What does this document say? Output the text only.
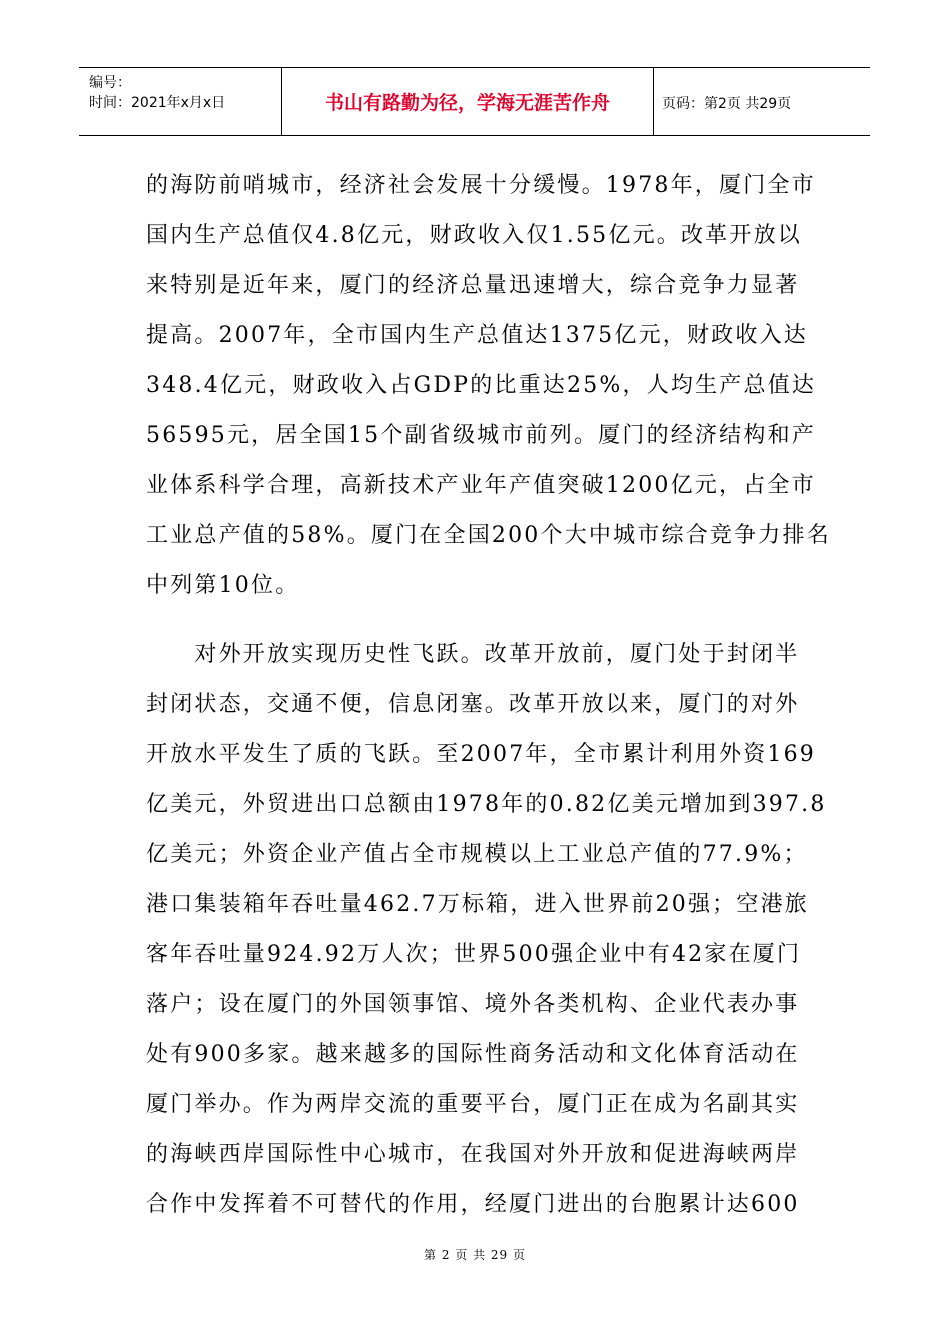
编号：
时间：2021年x月x日	书山有路勤为径，学海无涯苦作舟	页码：第2页 共29页
的海防前哨城市，经济社会发展十分缓慢。1978年，厦门全市
国内生产总值仅4.8亿元，财政收入仅1.55亿元。改革开放以
来特别是近年来，厦门的经济总量迅速增大，综合竞争力显著
提高。2007年，全市国内生产总值达1375亿元，财政收入达
348.4亿元，财政收入占GDP的比重达25%，人均生产总值达
56595元，居全国15个副省级城市前列。厦门的经济结构和产
业体系科学合理，高新技术产业年产值突破1200亿元，占全市
工业总产值的58%。厦门在全国200个大中城市综合竞争力排名
中列第10位。
　　对外开放实现历史性飞跃。改革开放前，厦门处于封闭半
封闭状态，交通不便，信息闭塞。改革开放以来，厦门的对外
开放水平发生了质的飞跃。至2007年，全市累计利用外资169
亿美元，外贸进出口总额由1978年的0.82亿美元增加到397.8
亿美元；外资企业产值占全市规模以上工业总产值的77.9%；
港口集装箱年吞吐量462.7万标箱，进入世界前20强；空港旅
客年吞吐量924.92万人次；世界500强企业中有42家在厦门
落户；设在厦门的外国领事馆、境外各类机构、企业代表办事
处有900多家。越来越多的国际性商务活动和文化体育活动在
厦门举办。作为两岸交流的重要平台，厦门正在成为名副其实
的海峡西岸国际性中心城市，在我国对外开放和促进海峡两岸
合作中发挥着不可替代的作用，经厦门进出的台胞累计达600
第 2 页 共 29 页
